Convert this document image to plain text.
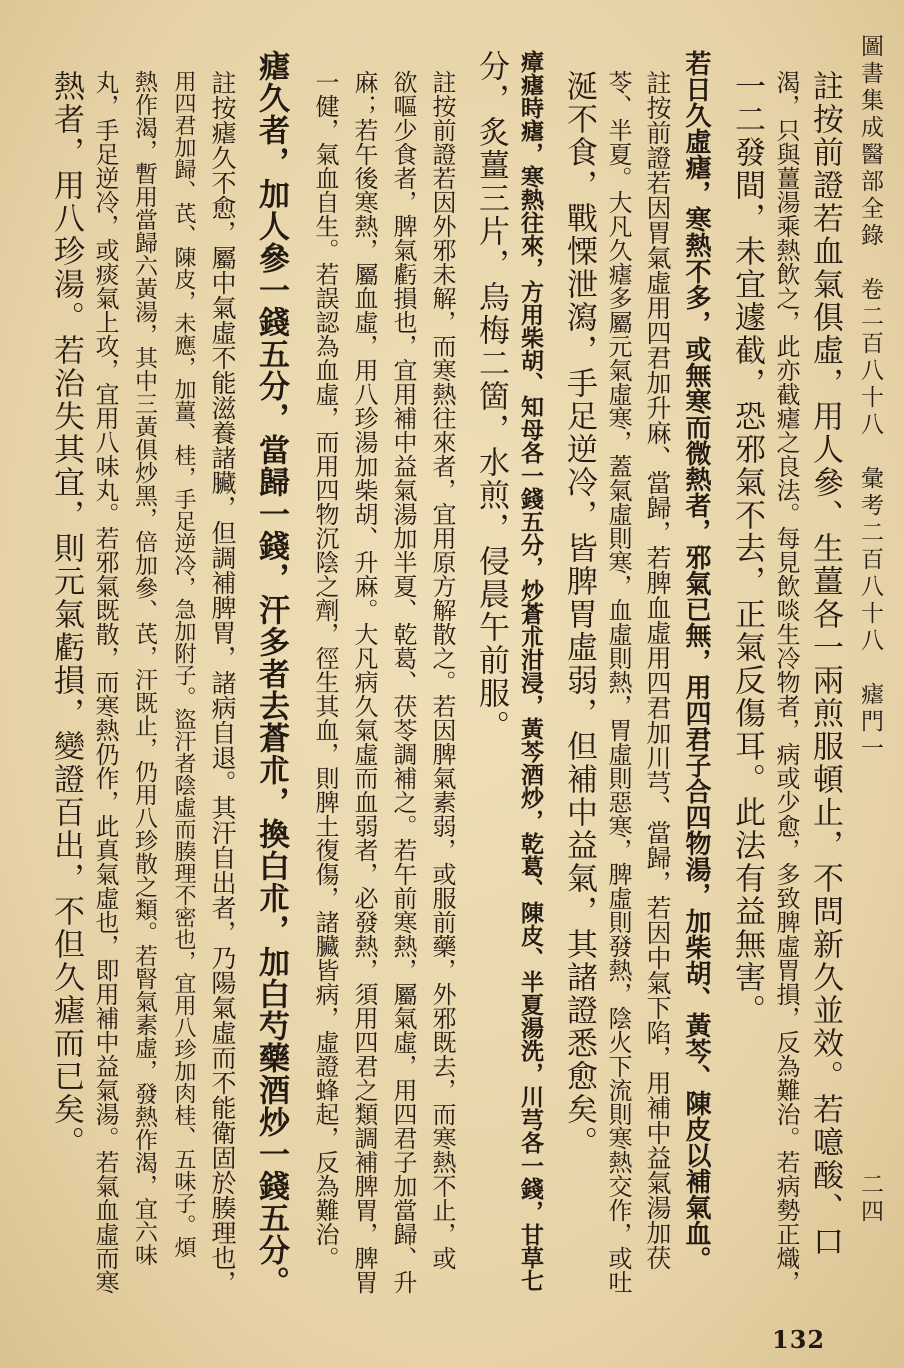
圖書集成醫部全錄　卷二百八十八　彙考二百八十八　瘧門一
二四
註按前證若血氣俱虛，用人參、生薑各一兩煎服頓止，不問新久並效。若噫酸、口
渴，只與薑湯乘熱飲之，此亦截瘧之良法。每見飲啖生冷物者，病或少愈，多致脾虛胃損，反為難治。若病勢正熾，
一二發間，未宜遽截，恐邪氣不去，正氣反傷耳。此法有益無害。
若日久虛瘧，寒熱不多，或無寒而微熱者，邪氣已無，用四君子合四物湯，加柴胡、黃芩、陳皮以補氣血。
註按前證若因胃氣虛用四君加升麻、當歸，若脾血虛用四君加川芎、當歸，若因中氣下陷，用補中益氣湯加茯
苓、半夏。大凡久瘧多屬元氣虛寒，蓋氣虛則寒，血虛則熱，胃虛則惡寒，脾虛則發熱，陰火下流則寒熱交作，或吐
涎不食，戰慄泄瀉，手足逆冷，皆脾胃虛弱，但補中益氣，其諸證悉愈矣。
瘴瘧時瘧，寒熱往來，方用柴胡、知母各一錢五分，炒蒼朮泔浸，黃芩酒炒，乾葛、陳皮、半夏湯洗，川芎各一錢，甘草七
分，炙薑三片，烏梅二箇，水煎，侵晨午前服。
註按前證若因外邪未解，而寒熱往來者，宜用原方解散之。若因脾氣素弱，或服前藥，外邪既去，而寒熱不止，或
欲嘔少食者，脾氣虧損也，宜用補中益氣湯加半夏、乾葛、茯苓調補之。若午前寒熱，屬氣虛，用四君子加當歸、升
麻；若午後寒熱，屬血虛，用八珍湯加柴胡、升麻。大凡病久氣虛而血弱者，必發熱，須用四君之類調補脾胃，脾胃
一健，氣血自生。若誤認為血虛，而用四物沉陰之劑，徑生其血，則脾土復傷，諸臟皆病，虛證蜂起，反為難治。
瘧久者，加人參一錢五分，當歸一錢，汗多者去蒼朮，換白朮，加白芍藥酒炒一錢五分。
註按瘧久不愈，屬中氣虛不能滋養諸臟，但調補脾胃，諸病自退。其汗自出者，乃陽氣虛而不能衛固於腠理也，
用四君加歸、芪、陳皮，未應，加薑、桂，手足逆冷，急加附子。盜汗者陰虛而腠理不密也，宜用八珍加肉桂、五味子。煩
熱作渴，暫用當歸六黃湯，其中三黃俱炒黑，倍加參、芪，汗既止，仍用八珍散之類。若腎氣素虛，發熱作渴，宜六味
丸，手足逆冷，或痰氣上攻，宜用八味丸。若邪氣既散，而寒熱仍作，此真氣虛也，即用補中益氣湯。若氣血虛而寒
熱者，用八珍湯。若治失其宜，則元氣虧損，變證百出，不但久瘧而已矣。
132
